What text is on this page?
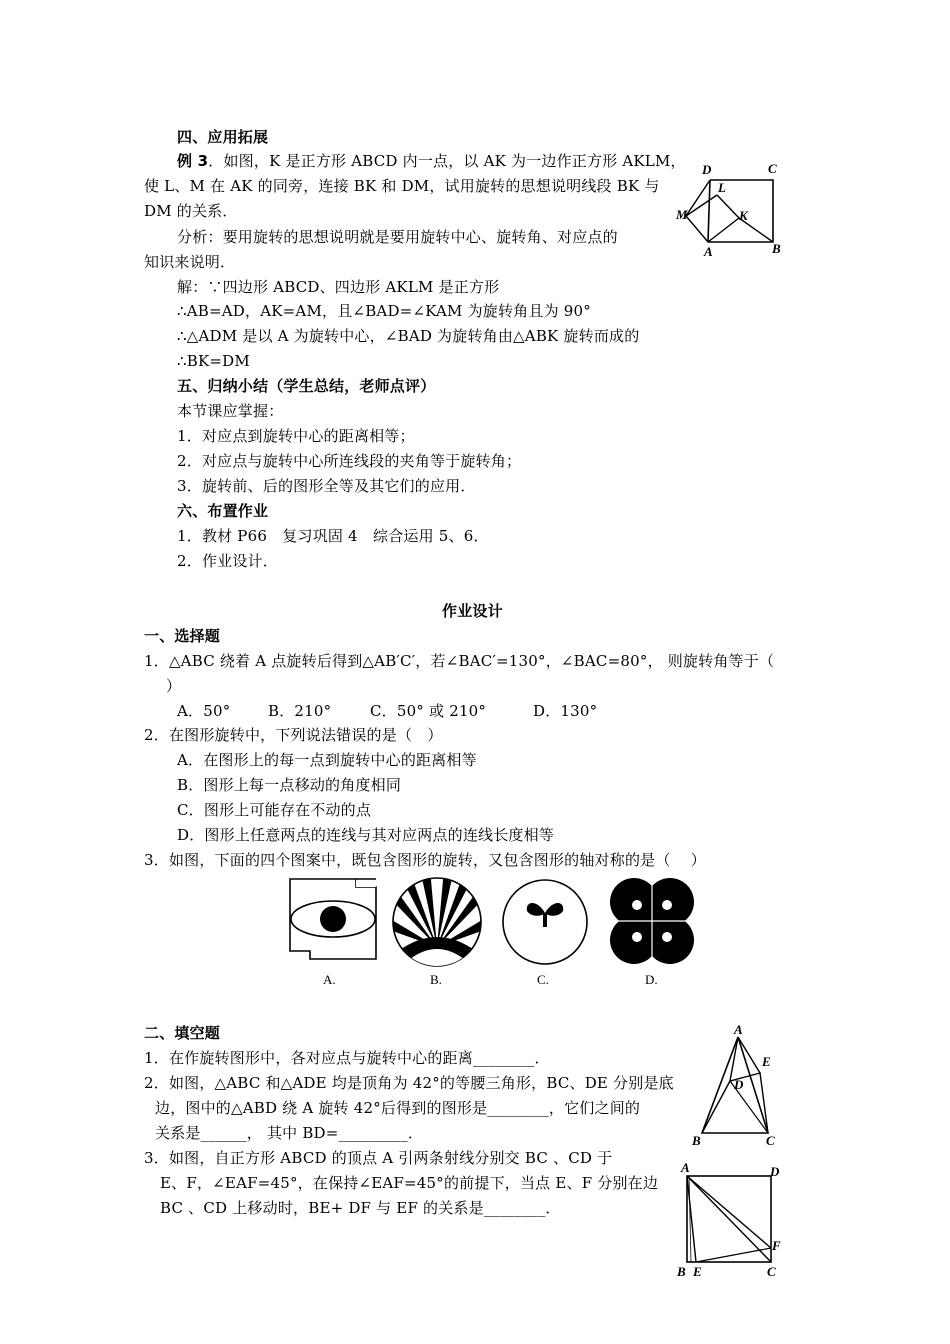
四、应用拓展
例 3．如图，K 是正方形 ABCD 内一点，以 AK 为一边作正方形 AKLM，
使 L、M 在 AK 的同旁，连接 BK 和 DM，试用旋转的思想说明线段 BK 与
DM 的关系．
分析：要用旋转的思想说明就是要用旋转中心、旋转角、对应点的
知识来说明．
解：∵四边形 ABCD、四边形 AKLM 是正方形
∴AB=AD，AK=AM，且∠BAD=∠KAM 为旋转角且为 90°
∴△ADM 是以 A 为旋转中心，∠BAD 为旋转角由△ABK 旋转而成的
∴BK=DM
D	C
L
M	K
A	B
五、归纳小结（学生总结，老师点评）
本节课应掌握：
1．对应点到旋转中心的距离相等；
2．对应点与旋转中心所连线段的夹角等于旋转角；
3．旋转前、后的图形全等及其它们的应用．
六、布置作业
1．教材 P66　复习巩固 4　综合运用 5、6．
2．作业设计．
作业设计
一、选择题
1．△ABC 绕着 A 点旋转后得到△AB′C′，若∠BAC′=130°，∠BAC=80°， 则旋转角等于（
）
A．50°	B．210°	C．50° 或 210°	D．130°
2．在图形旋转中，下列说法错误的是（　）
A．在图形上的每一点到旋转中心的距离相等
B．图形上每一点移动的角度相同
C．图形上可能存在不动的点
D．图形上任意两点的连线与其对应两点的连线长度相等
3．如图，下面的四个图案中，既包含图形的旋转，又包含图形的轴对称的是（　 ）
A.	B.	C.	D.
二、填空题
1．在作旋转图形中，各对应点与旋转中心的距离________．
2．如图，△ABC 和△ADE 均是顶角为 42°的等腰三角形，BC、DE 分别是底
边，图中的△ABD 绕 A 旋转 42°后得到的图形是________，它们之间的
关系是______， 其中 BD=_________．
3．如图，自正方形 ABCD 的顶点 A 引两条射线分别交 BC 、CD 于
E、F，∠EAF=45°，在保持∠EAF=45°的前提下，当点 E、F 分别在边
BC 、CD 上移动时，BE+ DF 与 EF 的关系是________．
A
E
D
B	C
A	D
F
B E	C
